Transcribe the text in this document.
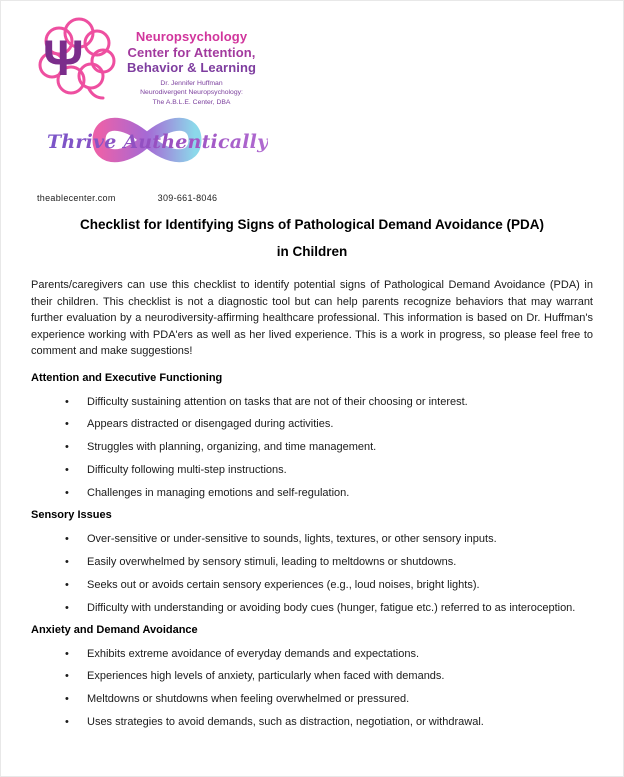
Ψ	Neuropsychology
Center for Attention,
Behavior & Learning
Dr. Jennifer Huffman
Neurodivergent Neuropsychology:
The A.B.L.E. Center, DBA
Thrive Authentically
theablecenter.com	309-661-8046
Checklist for Identifying Signs of Pathological Demand Avoidance (PDA)
in Children

Parents/caregivers can use this checklist to identify potential signs of Pathological Demand Avoidance (PDA) in their children. This checklist is not a diagnostic tool but can help parents recognize behaviors that may warrant further evaluation by a neurodiversity-affirming healthcare professional. This information is based on Dr. Huffman's experience working with PDA'ers as well as her lived experience. This is a work in progress, so please feel free to comment and make suggestions!

Attention and Executive Functioning
•	Difficulty sustaining attention on tasks that are not of their choosing or interest.
•	Appears distracted or disengaged during activities.
•	Struggles with planning, organizing, and time management.
•	Difficulty following multi-step instructions.
•	Challenges in managing emotions and self-regulation.
Sensory Issues
•	Over-sensitive or under-sensitive to sounds, lights, textures, or other sensory inputs.
•	Easily overwhelmed by sensory stimuli, leading to meltdowns or shutdowns.
•	Seeks out or avoids certain sensory experiences (e.g., loud noises, bright lights).
•	Difficulty with understanding or avoiding body cues (hunger, fatigue etc.) referred to as interoception.
Anxiety and Demand Avoidance
•	Exhibits extreme avoidance of everyday demands and expectations.
•	Experiences high levels of anxiety, particularly when faced with demands.
•	Meltdowns or shutdowns when feeling overwhelmed or pressured.
•	Uses strategies to avoid demands, such as distraction, negotiation, or withdrawal.
